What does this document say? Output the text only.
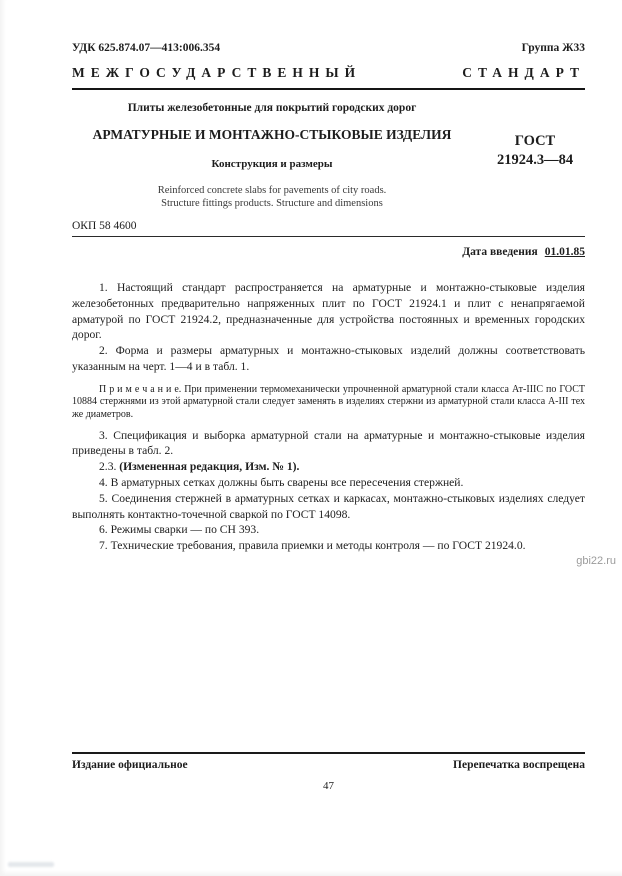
УДК 625.874.07—413:006.354	Группа Ж33
МЕЖГОСУДАРСТВЕННЫЙ	СТАНДАРТ
Плиты железобетонные для покрытий городских дорог
АРМАТУРНЫЕ И МОНТАЖНО-СТЫКОВЫЕ ИЗДЕЛИЯ
Конструкция и размеры
Reinforced concrete slabs for pavements of city roads.
Structure fittings products. Structure and dimensions
ГОСТ
21924.3—84
ОКП 58 4600
Дата введения 01.01.85
1. Настоящий стандарт распространяется на арматурные и монтажно-стыковые изделия железобетонных предварительно напряженных плит по ГОСТ 21924.1 и плит с ненапрягаемой арматурой по ГОСТ 21924.2, предназначенные для устройства постоянных и временных городских дорог.
2. Форма и размеры арматурных и монтажно-стыковых изделий должны соответствовать указанным на черт. 1—4 и в табл. 1.
П р и м е ч а н и е. При применении термомеханически упрочненной арматурной стали класса Ат-IIIС по ГОСТ 10884 стержнями из этой арматурной стали следует заменять в изделиях стержни из арматурной стали класса А-III тех же диаметров.
3. Спецификация и выборка арматурной стали на арматурные и монтажно-стыковые изделия приведены в табл. 2.
2.3. (Измененная редакция, Изм. № 1).
4. В арматурных сетках должны быть сварены все пересечения стержней.
5. Соединения стержней в арматурных сетках и каркасах, монтажно-стыковых изделиях следует выполнять контактно-точечной сваркой по ГОСТ 14098.
6. Режимы сварки — по СН 393.
7. Технические требования, правила приемки и методы контроля — по ГОСТ 21924.0.
gbi22.ru
Издание официальное	Перепечатка воспрещена
47
